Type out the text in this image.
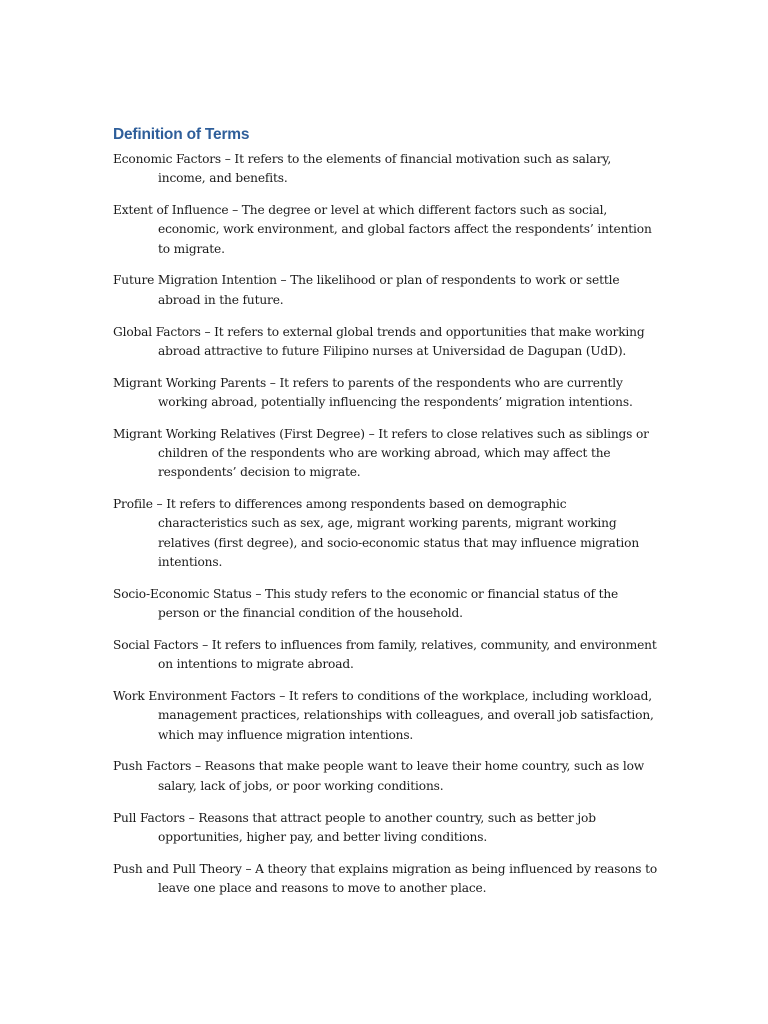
Definition of Terms

Economic Factors – It refers to the elements of financial motivation such as salary, income, and benefits.

Extent of Influence – The degree or level at which different factors such as social, economic, work environment, and global factors affect the respondents’ intention to migrate.

Future Migration Intention – The likelihood or plan of respondents to work or settle abroad in the future.

Global Factors – It refers to external global trends and opportunities that make working abroad attractive to future Filipino nurses at Universidad de Dagupan (UdD).

Migrant Working Parents – It refers to parents of the respondents who are currently working abroad, potentially influencing the respondents’ migration intentions.

Migrant Working Relatives (First Degree) – It refers to close relatives such as siblings or children of the respondents who are working abroad, which may affect the respondents’ decision to migrate.

Profile – It refers to differences among respondents based on demographic characteristics such as sex, age, migrant working parents, migrant working relatives (first degree), and socio-economic status that may influence migration intentions.

Socio-Economic Status – This study refers to the economic or financial status of the person or the financial condition of the household.

Social Factors – It refers to influences from family, relatives, community, and environment on intentions to migrate abroad.

Work Environment Factors – It refers to conditions of the workplace, including workload, management practices, relationships with colleagues, and overall job satisfaction, which may influence migration intentions.

Push Factors – Reasons that make people want to leave their home country, such as low salary, lack of jobs, or poor working conditions.

Pull Factors – Reasons that attract people to another country, such as better job opportunities, higher pay, and better living conditions.

Push and Pull Theory – A theory that explains migration as being influenced by reasons to leave one place and reasons to move to another place.
